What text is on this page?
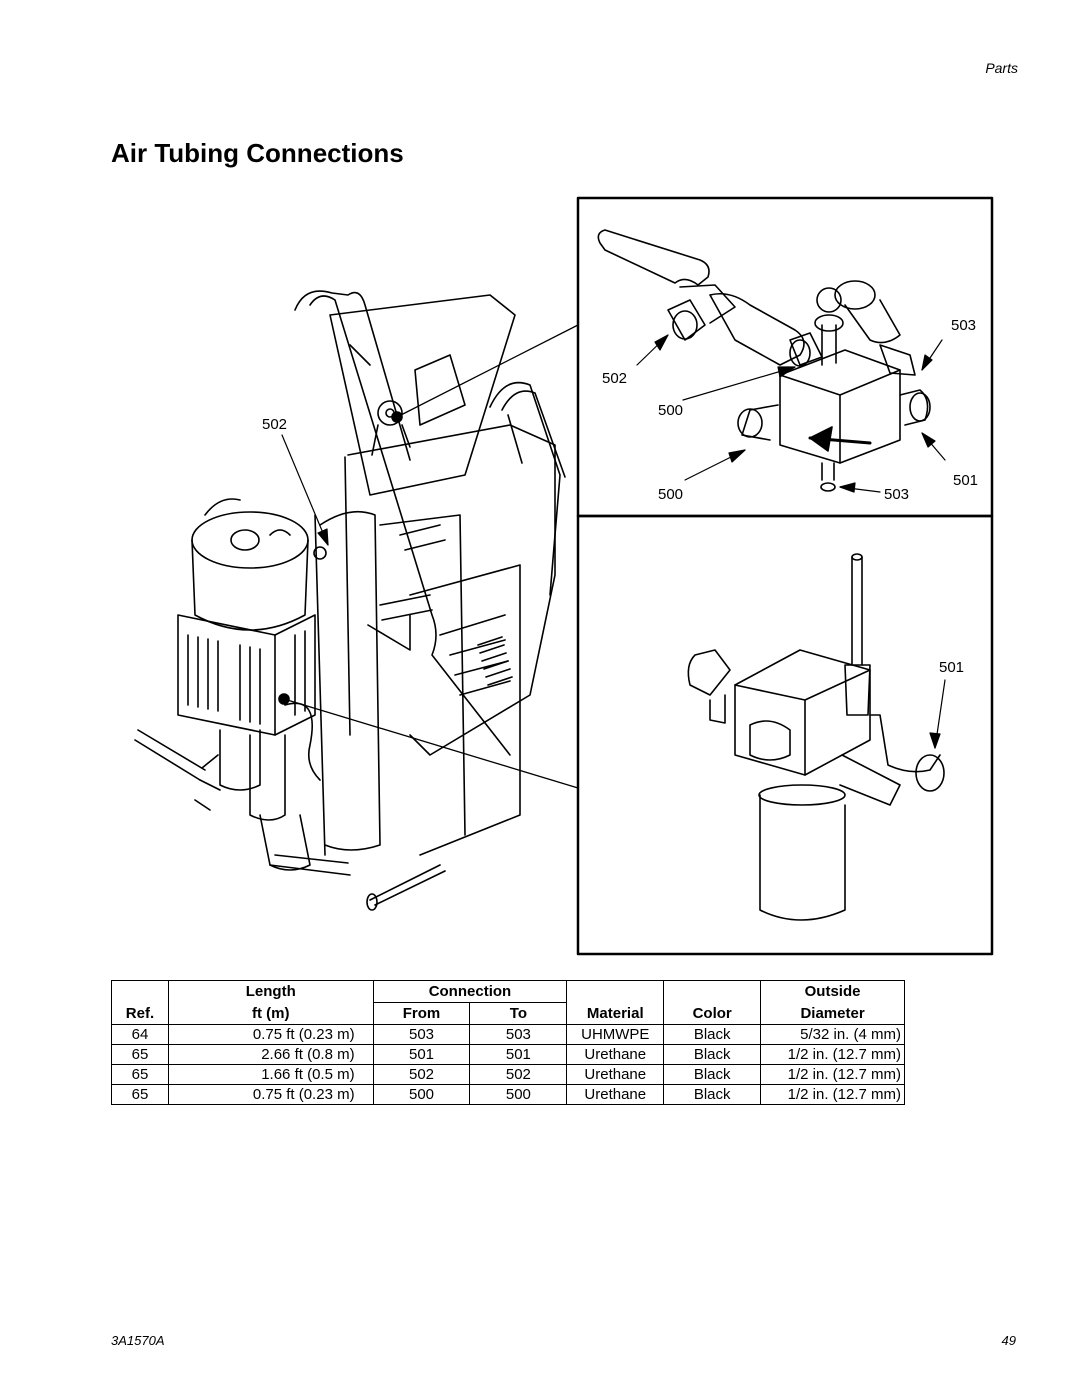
Parts
Air Tubing Connections
502
502
503
500
500
501
503
501
	Length	Connection				Outside
Ref.	ft (m)	From	To	Material	Color	Diameter
64	0.75 ft (0.23 m)	503	503	UHMWPE	Black	5/32 in. (4 mm)
65	2.66 ft (0.8 m)	501	501	Urethane	Black	1/2 in. (12.7 mm)
65	1.66 ft (0.5 m)	502	502	Urethane	Black	1/2 in. (12.7 mm)
65	0.75 ft (0.23 m)	500	500	Urethane	Black	1/2 in. (12.7 mm)
3A1570A	49
